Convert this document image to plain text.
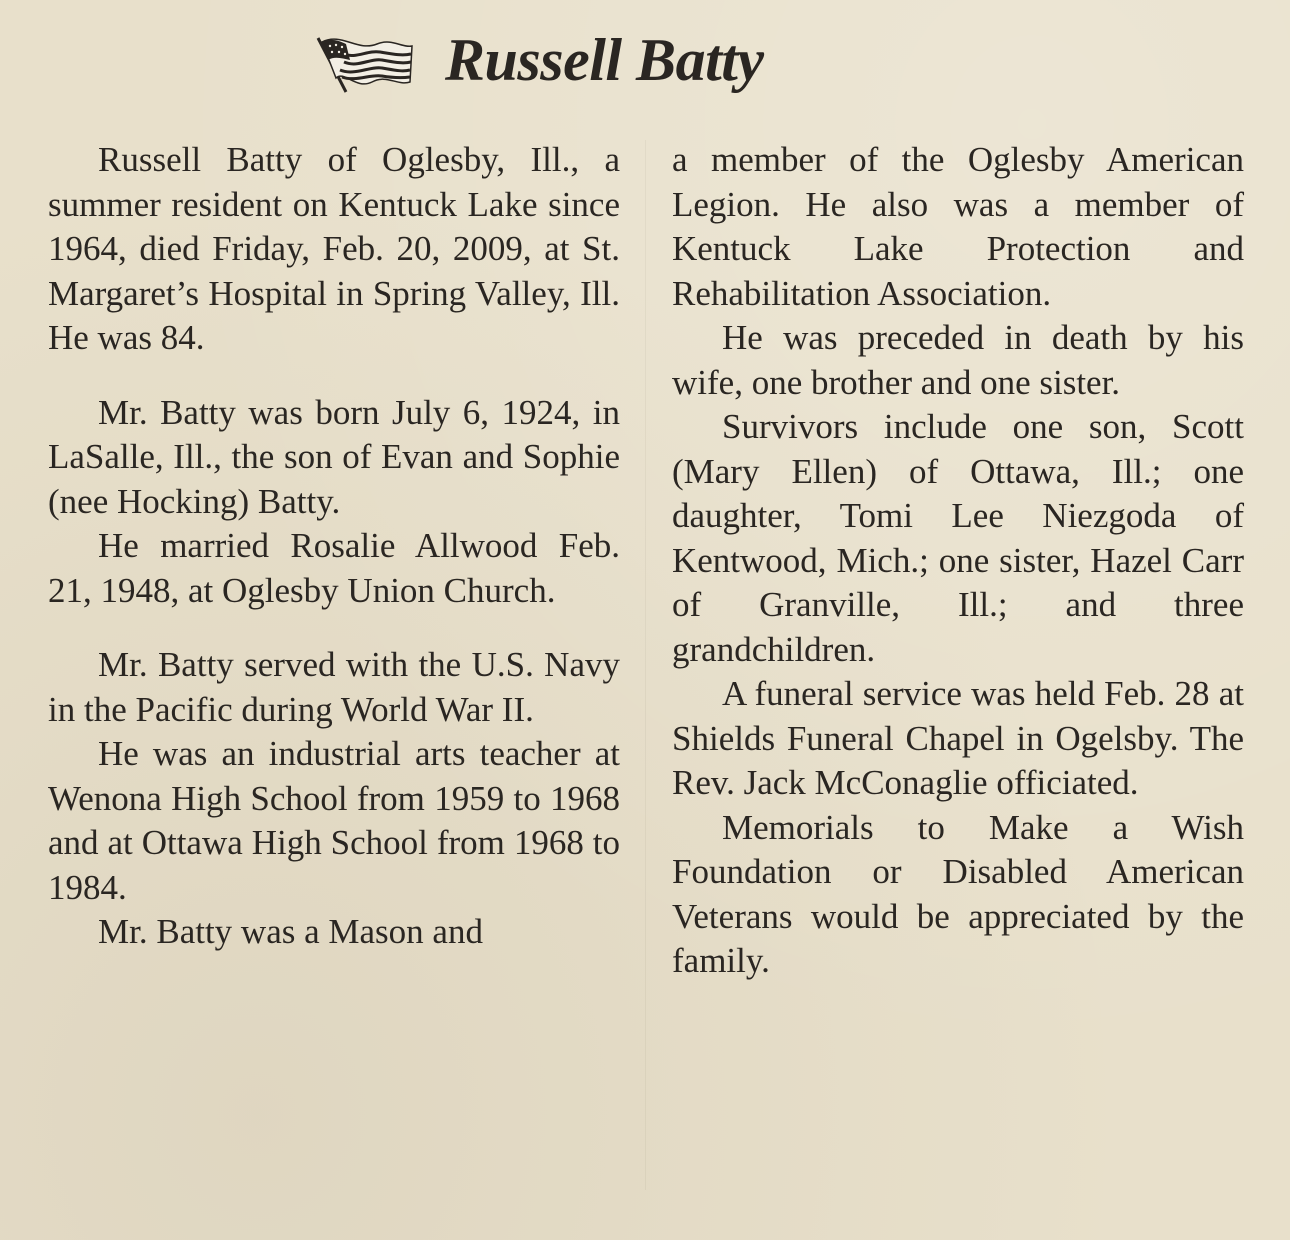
Russell Batty

Russell Batty of Oglesby, Ill., a summer resident on Kentuck Lake since 1964, died Friday, Feb. 20, 2009, at St. Margaret’s Hospital in Spring Valley, Ill. He was 84.

Mr. Batty was born July 6, 1924, in LaSalle, Ill., the son of Evan and Sophie (nee Hocking) Batty.

He married Rosalie Allwood Feb. 21, 1948, at Oglesby Union Church.

Mr. Batty served with the U.S. Navy in the Pacific during World War II.

He was an industrial arts teacher at Wenona High School from 1959 to 1968 and at Ottawa High School from 1968 to 1984.

Mr. Batty was a Mason and

a member of the Oglesby American Legion. He also was a member of Kentuck Lake Protection and Rehabilitation Association.

He was preceded in death by his wife, one brother and one sister.

Survivors include one son, Scott (Mary Ellen) of Ottawa, Ill.; one daughter, Tomi Lee Niezgoda of Kentwood, Mich.; one sister, Hazel Carr of Granville, Ill.; and three grandchildren.

A funeral service was held Feb. 28 at Shields Funeral Chapel in Ogelsby. The Rev. Jack McConaglie officiated.

Memorials to Make a Wish Foundation or Disabled American Veterans would be appreciated by the family.
